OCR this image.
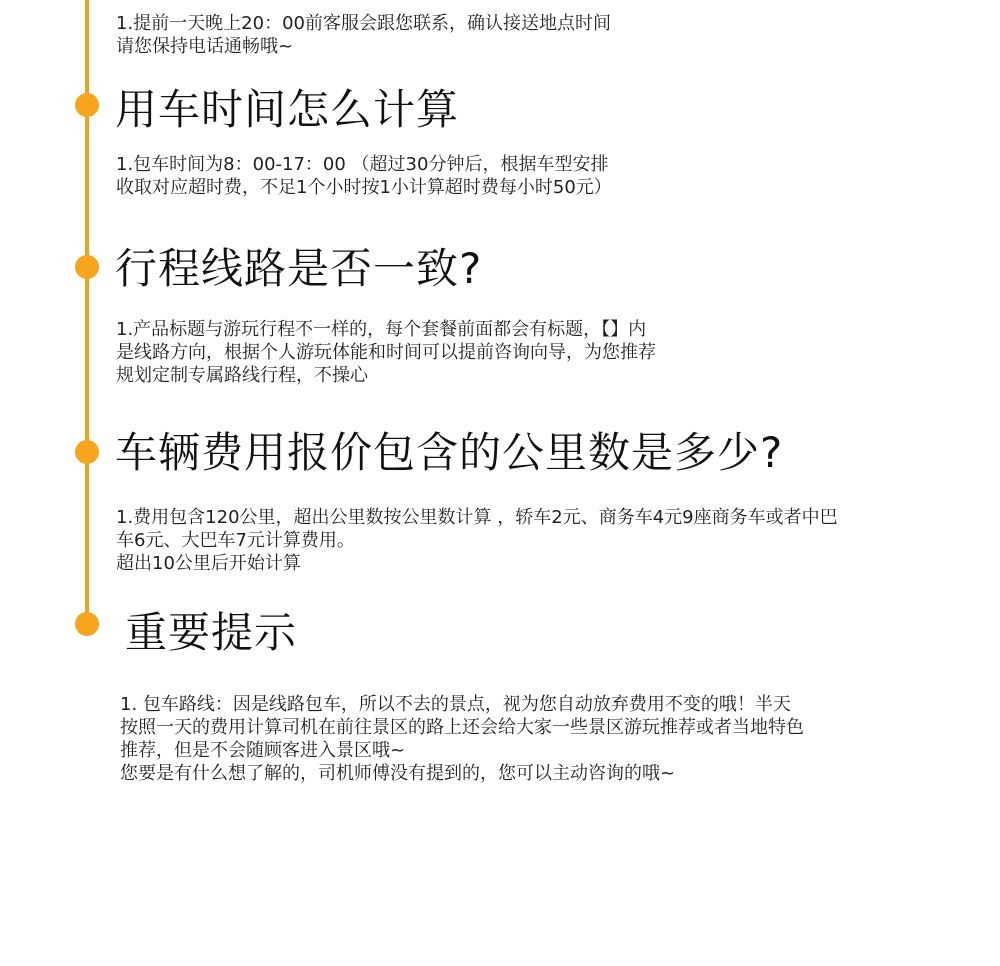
1.提前一天晚上20：00前客服会跟您联系，确认接送地点时间
请您保持电话通畅哦~
用车时间怎么计算
1.包车时间为8：00-17：00 （超过30分钟后，根据车型安排
收取对应超时费，不足1个小时按1小计算超时费每小时50元）
行程线路是否一致?
1.产品标题与游玩行程不一样的，每个套餐前面都会有标题，【】内
是线路方向，根据个人游玩体能和时间可以提前咨询向导，为您推荐
规划定制专属路线行程，不操心
车辆费用报价包含的公里数是多少?
1.费用包含120公里，超出公里数按公里数计算 ，轿车2元、商务车4元9座商务车或者中巴
车6元、大巴车7元计算费用。
超出10公里后开始计算
重要提示
1. 包车路线：因是线路包车，所以不去的景点，视为您自动放弃费用不变的哦！半天
按照一天的费用计算司机在前往景区的路上还会给大家一些景区游玩推荐或者当地特色
推荐，但是不会随顾客进入景区哦~
您要是有什么想了解的，司机师傅没有提到的，您可以主动咨询的哦~
